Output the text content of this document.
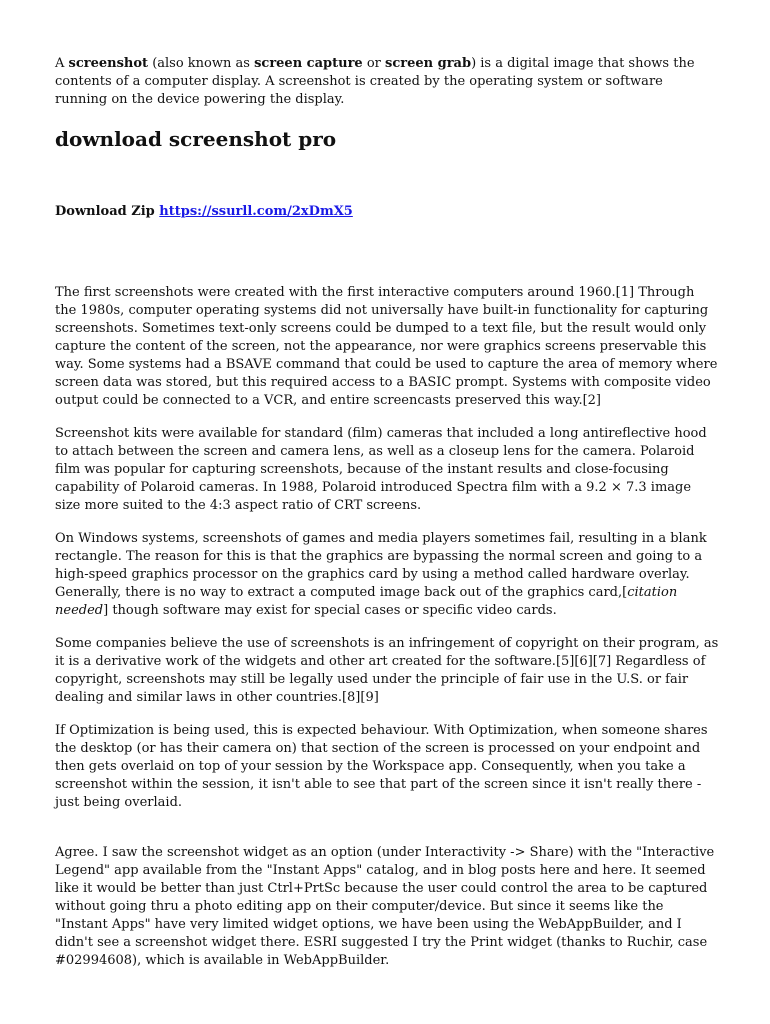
A screenshot (also known as screen capture or screen grab) is a digital image that shows the contents of a computer display. A screenshot is created by the operating system or software running on the device powering the display.

download screenshot pro

Download Zip https://ssurll.com/2xDmX5

The first screenshots were created with the first interactive computers around 1960.[1] Through the 1980s, computer operating systems did not universally have built-in functionality for capturing screenshots. Sometimes text-only screens could be dumped to a text file, but the result would only capture the content of the screen, not the appearance, nor were graphics screens preservable this way. Some systems had a BSAVE command that could be used to capture the area of memory where screen data was stored, but this required access to a BASIC prompt. Systems with composite video output could be connected to a VCR, and entire screencasts preserved this way.[2]

Screenshot kits were available for standard (film) cameras that included a long antireflective hood to attach between the screen and camera lens, as well as a closeup lens for the camera. Polaroid film was popular for capturing screenshots, because of the instant results and close-focusing capability of Polaroid cameras. In 1988, Polaroid introduced Spectra film with a 9.2 × 7.3 image size more suited to the 4:3 aspect ratio of CRT screens.

On Windows systems, screenshots of games and media players sometimes fail, resulting in a blank rectangle. The reason for this is that the graphics are bypassing the normal screen and going to a high-speed graphics processor on the graphics card by using a method called hardware overlay. Generally, there is no way to extract a computed image back out of the graphics card,[citation needed] though software may exist for special cases or specific video cards.

Some companies believe the use of screenshots is an infringement of copyright on their program, as it is a derivative work of the widgets and other art created for the software.[5][6][7] Regardless of copyright, screenshots may still be legally used under the principle of fair use in the U.S. or fair dealing and similar laws in other countries.[8][9]

If Optimization is being used, this is expected behaviour. With Optimization, when someone shares the desktop (or has their camera on) that section of the screen is processed on your endpoint and then gets overlaid on top of your session by the Workspace app. Consequently, when you take a screenshot within the session, it isn't able to see that part of the screen since it isn't really there - just being overlaid.

Agree. I saw the screenshot widget as an option (under Interactivity -> Share) with the "Interactive Legend" app available from the "Instant Apps" catalog, and in blog posts here and here. It seemed like it would be better than just Ctrl+PrtSc because the user could control the area to be captured without going thru a photo editing app on their computer/device. But since it seems like the "Instant Apps" have very limited widget options, we have been using the WebAppBuilder, and I didn't see a screenshot widget there. ESRI suggested I try the Print widget (thanks to Ruchir, case #02994608), which is available in WebAppBuilder.
